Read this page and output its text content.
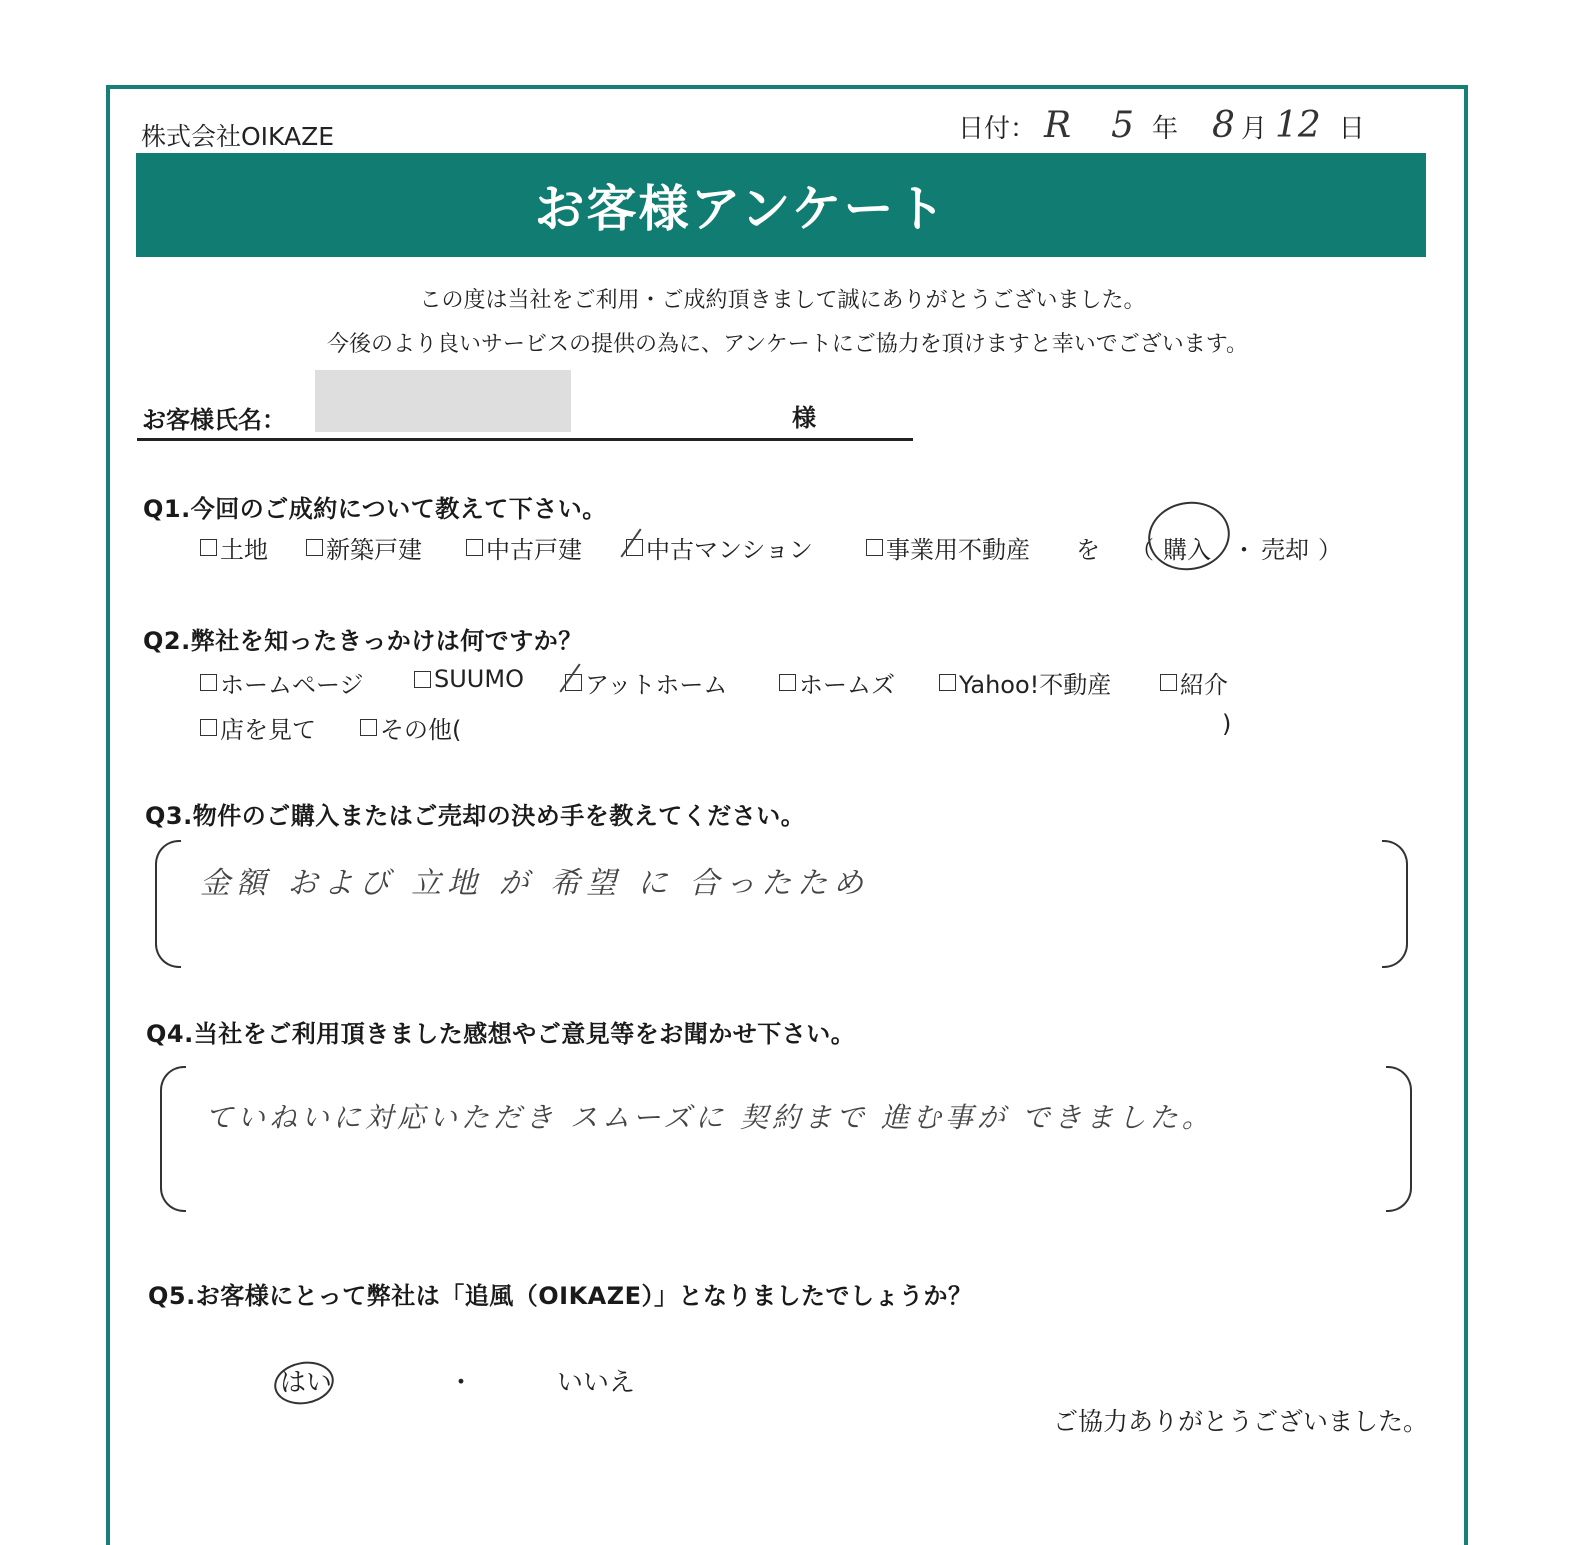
株式会社OIKAZE	日付： R 5 年 8 月 12 日
お客様アンケート
この度は当社をご利用・ご成約頂きまして誠にありがとうございました。
今後のより良いサービスの提供の為に、アンケートにご協力を頂けますと幸いでございます。
お客様氏名：	様
Q1.今回のご成約について教えて下さい。
土地 新築戸建	中古戸建	中古マンション	事業用不動産 を （ 購入 ・ 売却 ）
Q2.弊社を知ったきっかけは何ですか？
ホームページ	SUUMO	アットホーム	ホームズ	Yahoo!不動産	紹介
店を見て	その他(	)
Q3.物件のご購入またはご売却の決め手を教えてください。
金額 および 立地 が 希望 に 合ったため
Q4.当社をご利用頂きました感想やご意見等をお聞かせ下さい。
ていねいに対応いただき スムーズに 契約まで 進む事が できました。
Q5.お客様にとって弊社は「追風（OIKAZE）」となりましたでしょうか？
はい	・	いいえ
ご協力ありがとうございました。
